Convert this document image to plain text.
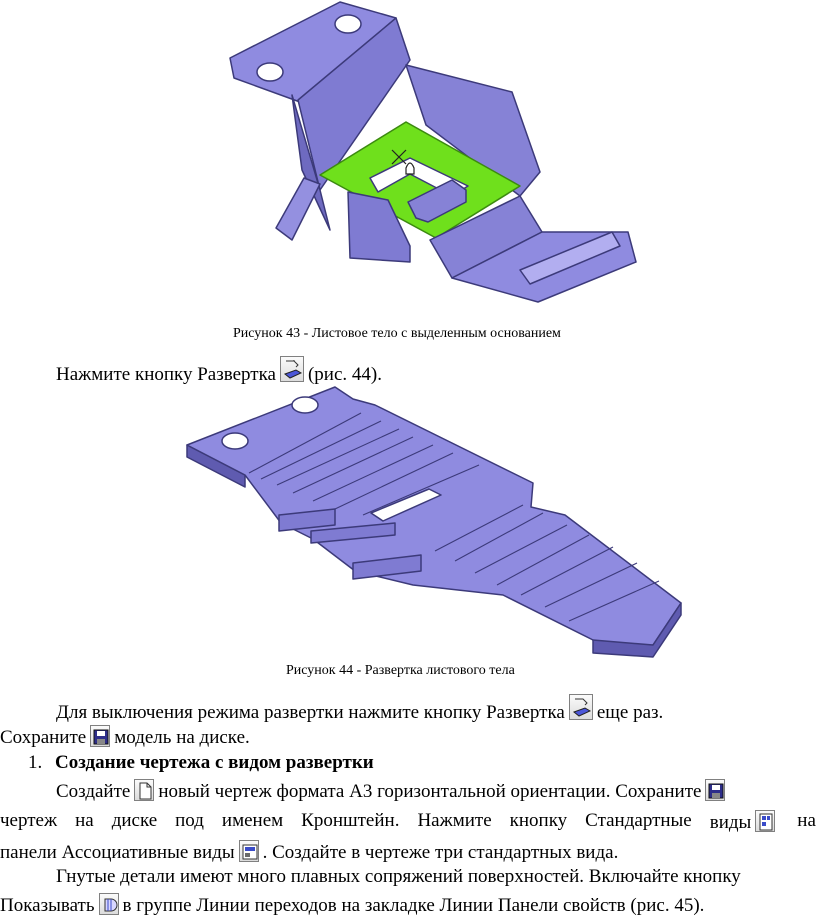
Рисунок 43 - Листовое тело с выделенным основанием
Нажмите кнопку Развертка (рис. 44).
Рисунок 44 - Развертка листового тела
Для выключения режима развертки нажмите кнопку Развертка еще раз.
Сохраните модель на диске.
1. Создание чертежа с видом развертки
Создайте новый чертеж формата А3 горизонтальной ориентации. Сохраните
чертеж на диске под именем Кронштейн. Нажмите кнопку Стандартные виды	на
панели Ассоциативные виды . Создайте в чертеже три стандартных вида.
Гнутые детали имеют много плавных сопряжений поверхностей. Включайте кнопку
Показывать в группе Линии переходов на закладке Линии Панели свойств (рис. 45).
